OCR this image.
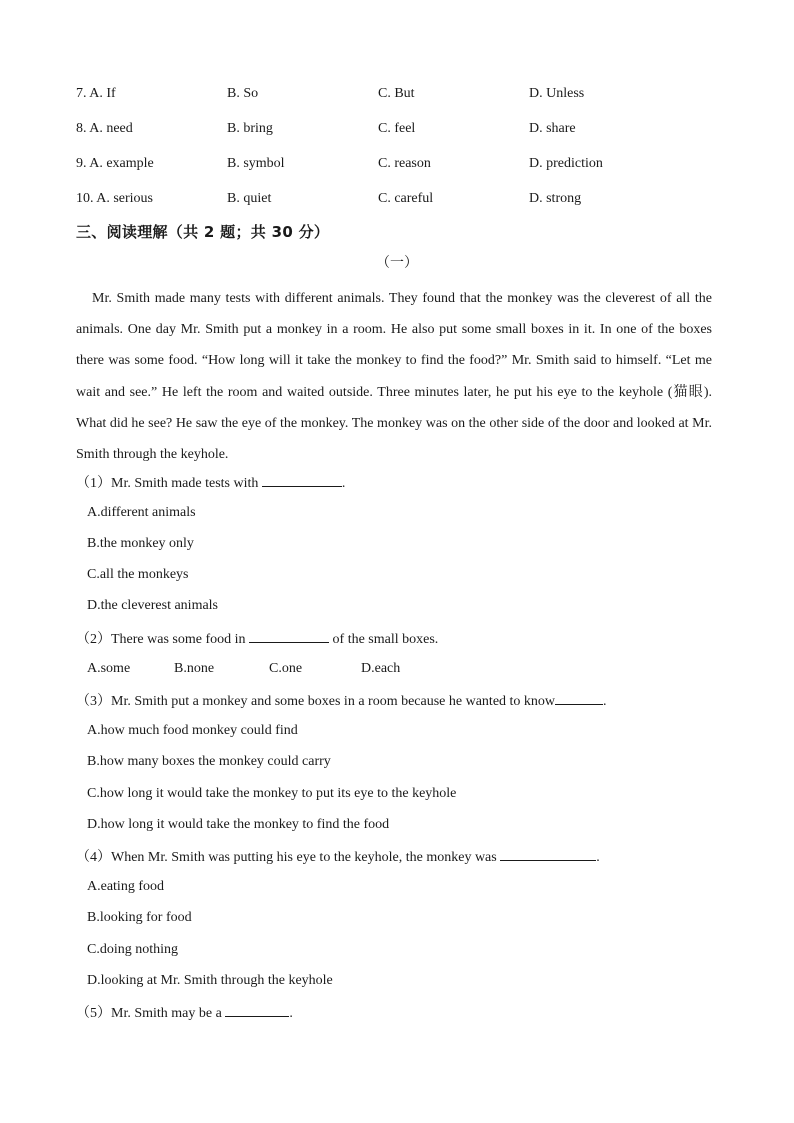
7. A. If	B. So	C. But	D. Unless
8. A. need	B. bring	C. feel	D. share
9. A. example	B. symbol	C. reason	D. prediction
10. A. serious	B. quiet	C. careful	D. strong
三、阅读理解（共 2 题；共 30 分）
（一）

Mr. Smith made many tests with different animals. They found that the monkey was the cleverest of all the animals. One day Mr. Smith put a monkey in a room. He also put some small boxes in it. In one of the boxes there was some food. “How long will it take the monkey to find the food?” Mr. Smith said to himself. “Let me wait and see.” He left the room and waited outside. Three minutes later, he put his eye to the keyhole (猫眼). What did he see? He saw the eye of the monkey. The monkey was on the other side of the door and looked at Mr. Smith through the keyhole.

（1）Mr. Smith made tests with	.
A.different animals
B.the monkey only
C.all the monkeys
D.the cleverest animals
（2）There was some food in	of the small boxes.
A.some	B.none	C.one	D.each
（3）Mr. Smith put a monkey and some boxes in a room because he wanted to know	.
A.how much food monkey could find
B.how many boxes the monkey could carry
C.how long it would take the monkey to put its eye to the keyhole
D.how long it would take the monkey to find the food
（4）When Mr. Smith was putting his eye to the keyhole, the monkey was	.
A.eating food
B.looking for food
C.doing nothing
D.looking at Mr. Smith through the keyhole
（5）Mr. Smith may be a	.
